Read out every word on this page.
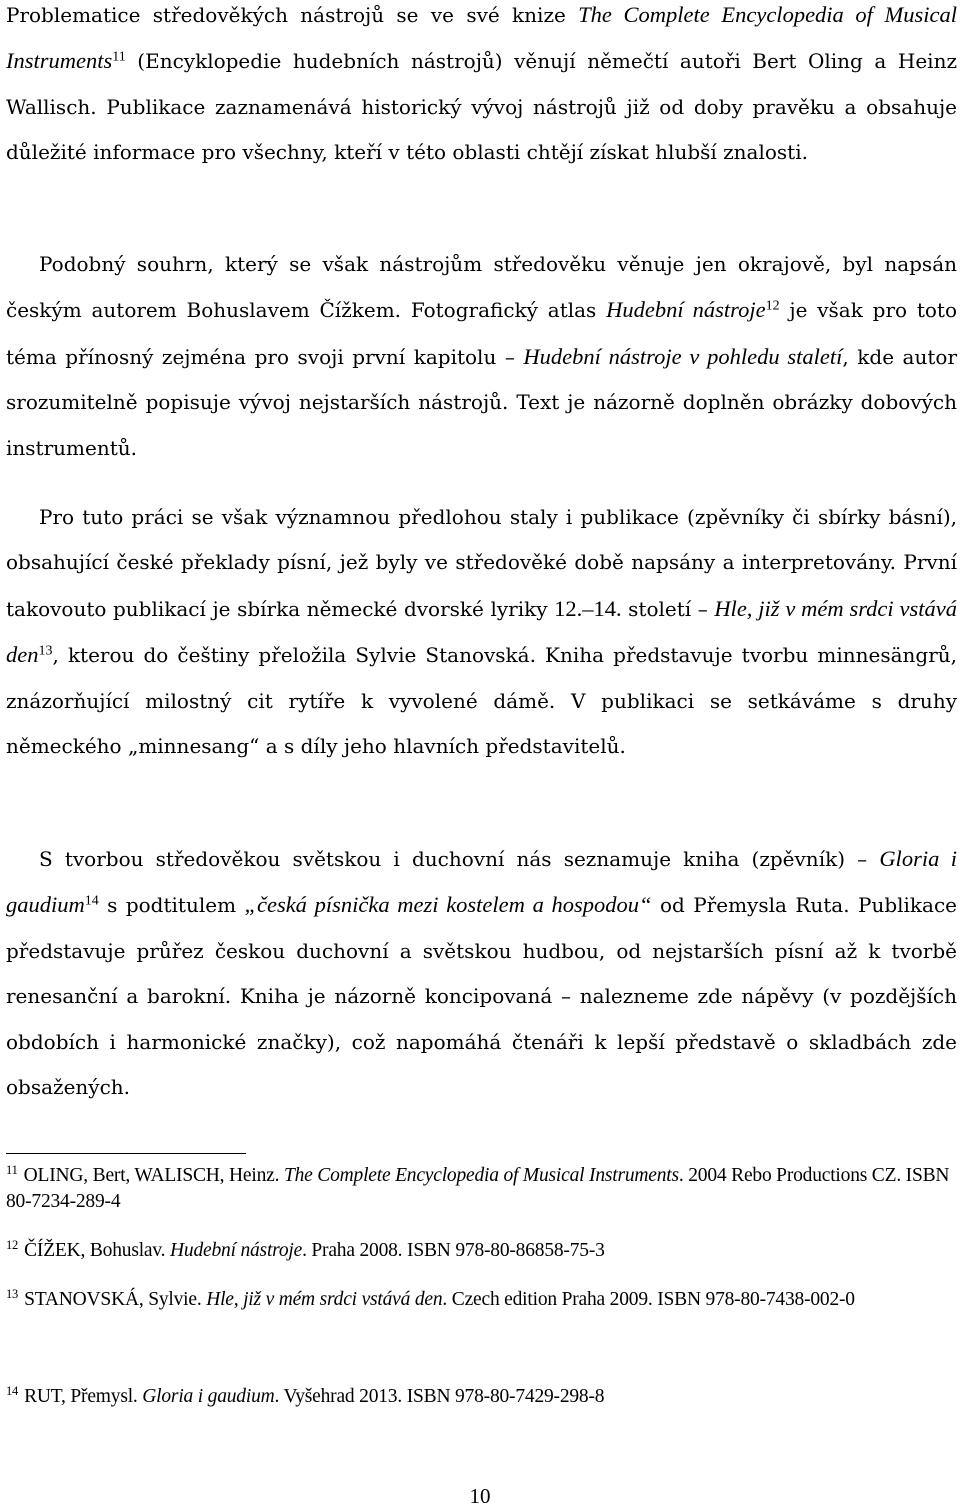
Problematice středověkých nástrojů se ve své knize The Complete Encyclopedia of Musical Instruments$^{11}$ (Encyklopedie hudebních nástrojů) věnují němečtí autoři Bert Oling a Heinz Wallisch. Publikace zaznamenává historický vývoj nástrojů již od doby pravěku a obsahuje důležité informace pro všechny, kteří v této oblasti chtějí získat hlubší znalosti.

Podobný souhrn, který se však nástrojům středověku věnuje jen okrajově, byl napsán českým autorem Bohuslavem Čížkem. Fotografický atlas Hudební nástroje$^{12}$ je však pro toto téma přínosný zejména pro svoji první kapitolu – Hudební nástroje v pohledu staletí, kde autor srozumitelně popisuje vývoj nejstarších nástrojů. Text je názorně doplněn obrázky dobových instrumentů.

Pro tuto práci se však významnou předlohou staly i publikace (zpěvníky či sbírky básní), obsahující české překlady písní, jež byly ve středověké době napsány a interpretovány. První takovouto publikací je sbírka německé dvorské lyriky 12.–14. století – Hle, již v mém srdci vstává den$^{13}$, kterou do češtiny přeložila Sylvie Stanovská. Kniha představuje tvorbu minnesängrů, znázorňující milostný cit rytíře k vyvolené dámě. V publikaci se setkáváme s druhy německého „minnesang“ a s díly jeho hlavních představitelů.

S tvorbou středověkou světskou i duchovní nás seznamuje kniha (zpěvník) – Gloria i gaudium$^{14}$ s podtitulem „česká písnička mezi kostelem a hospodou“ od Přemysla Ruta. Publikace představuje průřez českou duchovní a světskou hudbou, od nejstarších písní až k tvorbě renesanční a barokní. Kniha je názorně koncipovaná – nalezneme zde nápěvy (v pozdějších obdobích i harmonické značky), což napomáhá čtenáři k lepší představě o skladbách zde obsažených.

$^{11}$ OLING, Bert, WALISCH, Heinz. The Complete Encyclopedia of Musical Instruments. 2004 Rebo Productions CZ. ISBN 80-7234-289-4

$^{12}$ ČÍŽEK, Bohuslav. Hudební nástroje. Praha 2008. ISBN 978-80-86858-75-3

$^{13}$ STANOVSKÁ, Sylvie. Hle, již v mém srdci vstává den. Czech edition Praha 2009. ISBN 978-80-7438-002-0

$^{14}$ RUT, Přemysl. Gloria i gaudium. Vyšehrad 2013. ISBN 978-80-7429-298-8

10
